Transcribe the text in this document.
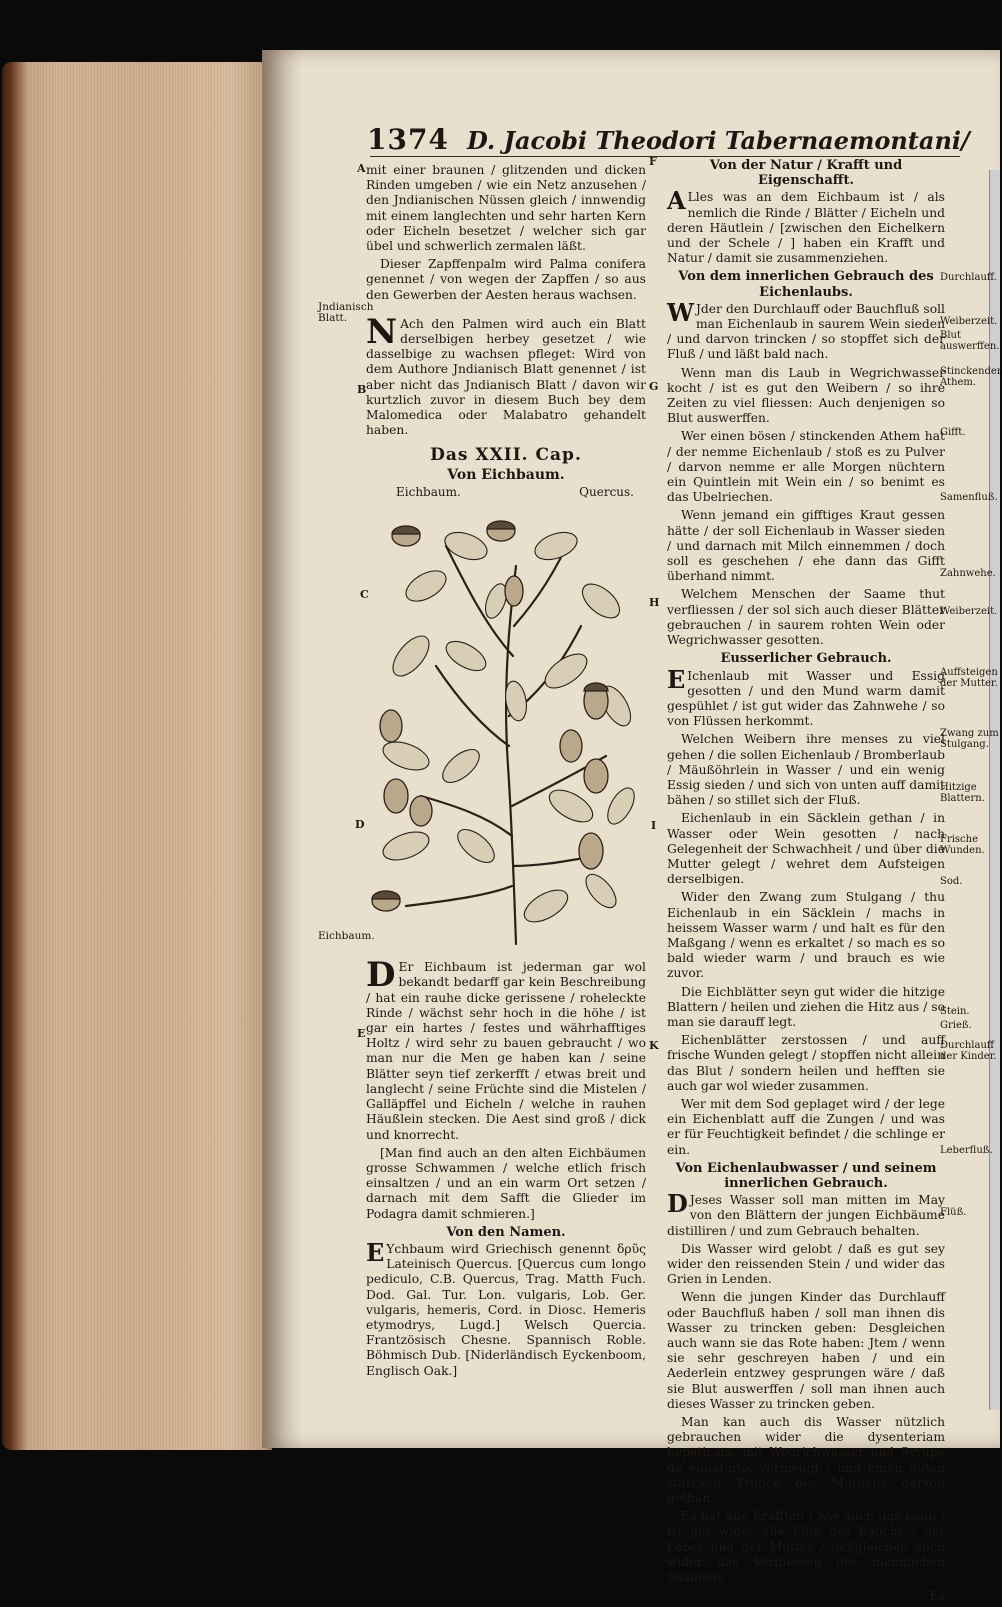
1374 D. Jacobi Theodori Tabernaemontani/
Jndianisch Blatt.
Eichbaum.
A
B
C
D
E
F
G
H
I
K

mit einer braunen / glitzenden und dicken Rinden umgeben / wie ein Netz anzusehen / den Jndianischen Nüssen gleich / innwendig mit einem langlechten und sehr harten Kern oder Eicheln besetzet / welcher sich gar übel und schwerlich zermalen läßt.

Dieser Zapffenpalm wird Palma conifera genennet / von wegen der Zapffen / so aus den Gewerben der Aesten heraus wachsen.

N Ach den Palmen wird auch ein Blatt derselbigen herbey gesetzet / wie dasselbige zu wachsen pfleget: Wird von dem Authore Jndianisch Blatt genennet / ist aber nicht das Jndianisch Blatt / davon wir kurtzlich zuvor in diesem Buch bey dem Malomedica oder Malabatro gehandelt haben.

Das XXII. Cap.
Von Eichbaum.
Eichbaum.	Quercus.

D Er Eichbaum ist jederman gar wol bekandt bedarff gar kein Beschreibung / hat ein rauhe dicke gerissene / roheleckte Rinde / wächst sehr hoch in die höhe / ist gar ein hartes / festes und währhafftiges Holtz / wird sehr zu bauen gebraucht / wo man nur die Men ge haben kan / seine Blätter seyn tief zerkerfft / etwas breit und langlecht / seine Früchte sind die Mistelen / Galläpffel und Eicheln / welche in rauhen Häußlein stecken. Die Aest sind groß / dick und knorrecht.

[Man find auch an den alten Eichbäumen grosse Schwammen / welche etlich frisch einsaltzen / und an ein warm Ort setzen / darnach mit dem Safft die Glieder im Podagra damit schmieren.]

Von den Namen.

E Ychbaum wird Griechisch genennt δρῦς Lateinisch Quercus. [Quercus cum longo pediculo, C.B. Quercus, Trag. Matth Fuch. Dod. Gal. Tur. Lon. vulgaris, Lob. Ger. vulgaris, hemeris, Cord. in Diosc. Hemeris etymodrys, Lugd.] Welsch Quercia. Frantzösisch Chesne. Spannisch Roble. Böhmisch Dub. [Niderländisch Eyckenboom, Englisch Oak.]

Von der Natur / Krafft und Eigenschafft.

A Lles was an dem Eichbaum ist / als nemlich die Rinde / Blätter / Eicheln und deren Häutlein / [zwischen den Eichelkern und der Schele / ] haben ein Krafft und Natur / damit sie zusammenziehen.

Von dem innerlichen Gebrauch des Eichenlaubs.

W Jder den Durchlauff oder Bauchfluß soll man Eichenlaub in saurem Wein sieden / und darvon trincken / so stopffet sich der Fluß / und läßt bald nach.

Wenn man dis Laub in Wegrichwasser kocht / ist es gut den Weibern / so ihre Zeiten zu viel fliessen: Auch denjenigen so Blut auswerffen.

Wer einen bösen / stinckenden Athem hat / der nemme Eichenlaub / stoß es zu Pulver / darvon nemme er alle Morgen nüchtern ein Quintlein mit Wein ein / so benimt es das Ubelriechen.

Wenn jemand ein gifftiges Kraut gessen hätte / der soll Eichenlaub in Wasser sieden / und darnach mit Milch einnemmen / doch soll es geschehen / ehe dann das Gifft überhand nimmt.

Welchem Menschen der Saame thut verfliessen / der sol sich auch dieser Blätter gebrauchen / in saurem rohten Wein oder Wegrichwasser gesotten.

Eusserlicher Gebrauch.

E Ichenlaub mit Wasser und Essig gesotten / und den Mund warm damit gespühlet / ist gut wider das Zahnwehe / so von Flüssen herkommt.

Welchen Weibern ihre menses zu viel gehen / die sollen Eichenlaub / Bromberlaub / Mäußöhrlein in Wasser / und ein wenig Essig sieden / und sich von unten auff damit bähen / so stillet sich der Fluß.

Eichenlaub in ein Säcklein gethan / in Wasser oder Wein gesotten / nach Gelegenheit der Schwachheit / und über die Mutter gelegt / wehret dem Aufsteigen derselbigen.

Wider den Zwang zum Stulgang / thu Eichenlaub in ein Säcklein / machs in heissem Wasser warm / und halt es für den Maßgang / wenn es erkaltet / so mach es so bald wieder warm / und brauch es wie zuvor.

Die Eichblätter seyn gut wider die hitzige Blattern / heilen und ziehen die Hitz aus / so man sie darauff legt.

Eichenblätter zerstossen / und auff frische Wunden gelegt / stopffen nicht allein das Blut / sondern heilen und hefften sie auch gar wol wieder zusammen.

Wer mit dem Sod geplaget wird / der lege ein Eichenblatt auff die Zungen / und was er für Feuchtigkeit befindet / die schlinge er ein.

Von Eichenlaubwasser / und seinem innerlichen Gebrauch.

D Jeses Wasser soll man mitten im May von den Blättern der jungen Eichbäume distilliren / und zum Gebrauch behalten.

Dis Wasser wird gelobt / daß es gut sey wider den reissenden Stein / und wider das Grien in Lenden.

Wenn die jungen Kinder das Durchlauff oder Bauchfluß haben / soll man ihnen dis Wasser zu trincken geben: Desgleichen auch wann sie das Rote haben: Jtem / wenn sie sehr geschreyen haben / und ein Aederlein entzwey gesprungen wäre / daß sie Blut auswerffen / soll man ihnen auch dieses Wasser zu trincken geben.

Man kan auch dis Wasser nützlich gebrauchen wider die dysenteriam hepaticam, mit Wegrichwasser und Syrupo de eupatorio, vermengt / und einen guten starcken Trunck des Morgens darvon gethan.

Es hat alle Kräfften / wie auch das Laub / ist gut wider alle Flüß des Bauchs / der Leber und der Mutter / deßgleichen auch wider das Verfliessen des männlichen Saamens.

Es

Durchlauff.
Weiberzeit.
Blut auswerffen.
Stinckender Athem.
Gifft.
Samenfluß.
Zahnwehe.
Weiberzeit.
Auffsteigen der Mutter.
Zwang zum Stulgang.
Hitzige Blattern.
Frische Wunden.
Sod.
Stein.
Grieß.
Durchlauff der Kinder.
Leberfluß.
Flüß.
